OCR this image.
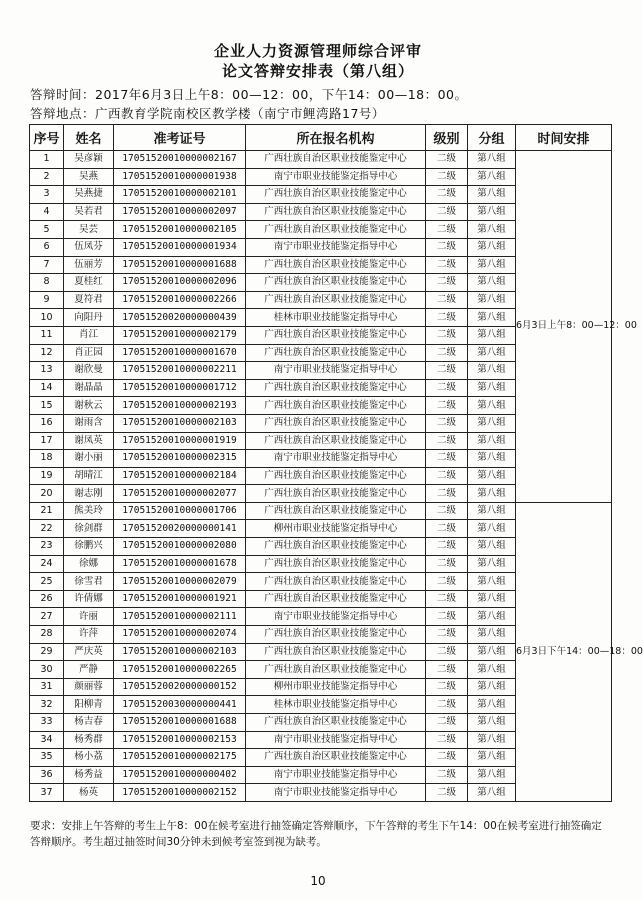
企业人力资源管理师综合评审
论文答辩安排表（第八组）
答辩时间：2017年6月3日上午8：00—12：00，下午14：00—18：00。
答辩地点：广西教育学院南校区教学楼（南宁市鲤湾路17号）
序号	姓名	准考证号	所在报名机构	级别	分组	时间安排
1	吴彦颖	17051520010000002167	广西壮族自治区职业技能鉴定中心	二级	第八组	6月3日上午8：00—12：00
2	吴燕	17051520010000001938	南宁市职业技能鉴定指导中心	二级	第八组	
3	吴燕捷	17051520010000002101	广西壮族自治区职业技能鉴定中心	二级	第八组	
4	吴若君	17051520010000002097	广西壮族自治区职业技能鉴定中心	二级	第八组	
5	吴芸	17051520010000002105	广西壮族自治区职业技能鉴定中心	二级	第八组	
6	伍凤芬	17051520010000001934	南宁市职业技能鉴定指导中心	二级	第八组	
7	伍丽芳	17051520010000001688	广西壮族自治区职业技能鉴定中心	二级	第八组	
8	夏桂红	17051520010000002096	广西壮族自治区职业技能鉴定中心	二级	第八组	
9	夏符君	17051520010000002266	广西壮族自治区职业技能鉴定中心	二级	第八组	
10	向阳丹	17051520020000000439	桂林市职业技能鉴定指导中心	二级	第八组	
11	肖江	17051520010000002179	广西壮族自治区职业技能鉴定中心	二级	第八组	
12	肖正园	17051520010000001670	广西壮族自治区职业技能鉴定中心	二级	第八组	
13	谢欣曼	17051520010000002211	南宁市职业技能鉴定指导中心	二级	第八组	
14	谢晶晶	17051520010000001712	广西壮族自治区职业技能鉴定中心	二级	第八组	
15	谢秋云	17051520010000002193	广西壮族自治区职业技能鉴定中心	二级	第八组	
16	谢雨含	17051520010000002103	广西壮族自治区职业技能鉴定中心	二级	第八组	
17	谢凤英	17051520010000001919	广西壮族自治区职业技能鉴定中心	二级	第八组	
18	谢小丽	17051520010000002315	南宁市职业技能鉴定指导中心	二级	第八组	
19	胡晴江	17051520010000002184	广西壮族自治区职业技能鉴定中心	二级	第八组	
20	谢志刚	17051520010000002077	广西壮族自治区职业技能鉴定中心	二级	第八组	
21	熊美玲	17051520010000001706	广西壮族自治区职业技能鉴定中心	二级	第八组	6月3日下午14：00—18：00
22	徐剑群	17051520020000000141	柳州市职业技能鉴定指导中心	二级	第八组	
23	徐鹏兴	17051520010000002080	广西壮族自治区职业技能鉴定中心	二级	第八组	
24	徐娜	17051520010000001678	广西壮族自治区职业技能鉴定中心	二级	第八组	
25	徐雪君	17051520010000002079	广西壮族自治区职业技能鉴定中心	二级	第八组	
26	许倩娜	17051520010000001921	广西壮族自治区职业技能鉴定中心	二级	第八组	
27	许丽	17051520010000002111	南宁市职业技能鉴定指导中心	二级	第八组	
28	许萍	17051520010000002074	广西壮族自治区职业技能鉴定中心	二级	第八组	
29	严庆英	17051520010000002103	广西壮族自治区职业技能鉴定中心	二级	第八组	
30	严静	17051520010000002265	广西壮族自治区职业技能鉴定中心	二级	第八组	
31	颜丽蓉	17051520020000000152	柳州市职业技能鉴定指导中心	二级	第八组	
32	阳柳青	17051520030000000441	桂林市职业技能鉴定指导中心	二级	第八组	
33	杨吉春	17051520010000001688	广西壮族自治区职业技能鉴定中心	二级	第八组	
34	杨秀群	17051520010000002153	南宁市职业技能鉴定指导中心	二级	第八组	
35	杨小荔	17051520010000002175	广西壮族自治区职业技能鉴定中心	二级	第八组	
36	杨秀益	17051520010000000402	南宁市职业技能鉴定指导中心	二级	第八组	
37	杨英	17051520010000002152	南宁市职业技能鉴定指导中心	二级	第八组	
要求：安排上午答辩的考生上午8：00在候考室进行抽签确定答辩顺序，下午答辩的考生下午14：00在候考室进行抽签确定答辩顺序。考生超过抽签时间30分钟未到候考室签到视为缺考。
10
